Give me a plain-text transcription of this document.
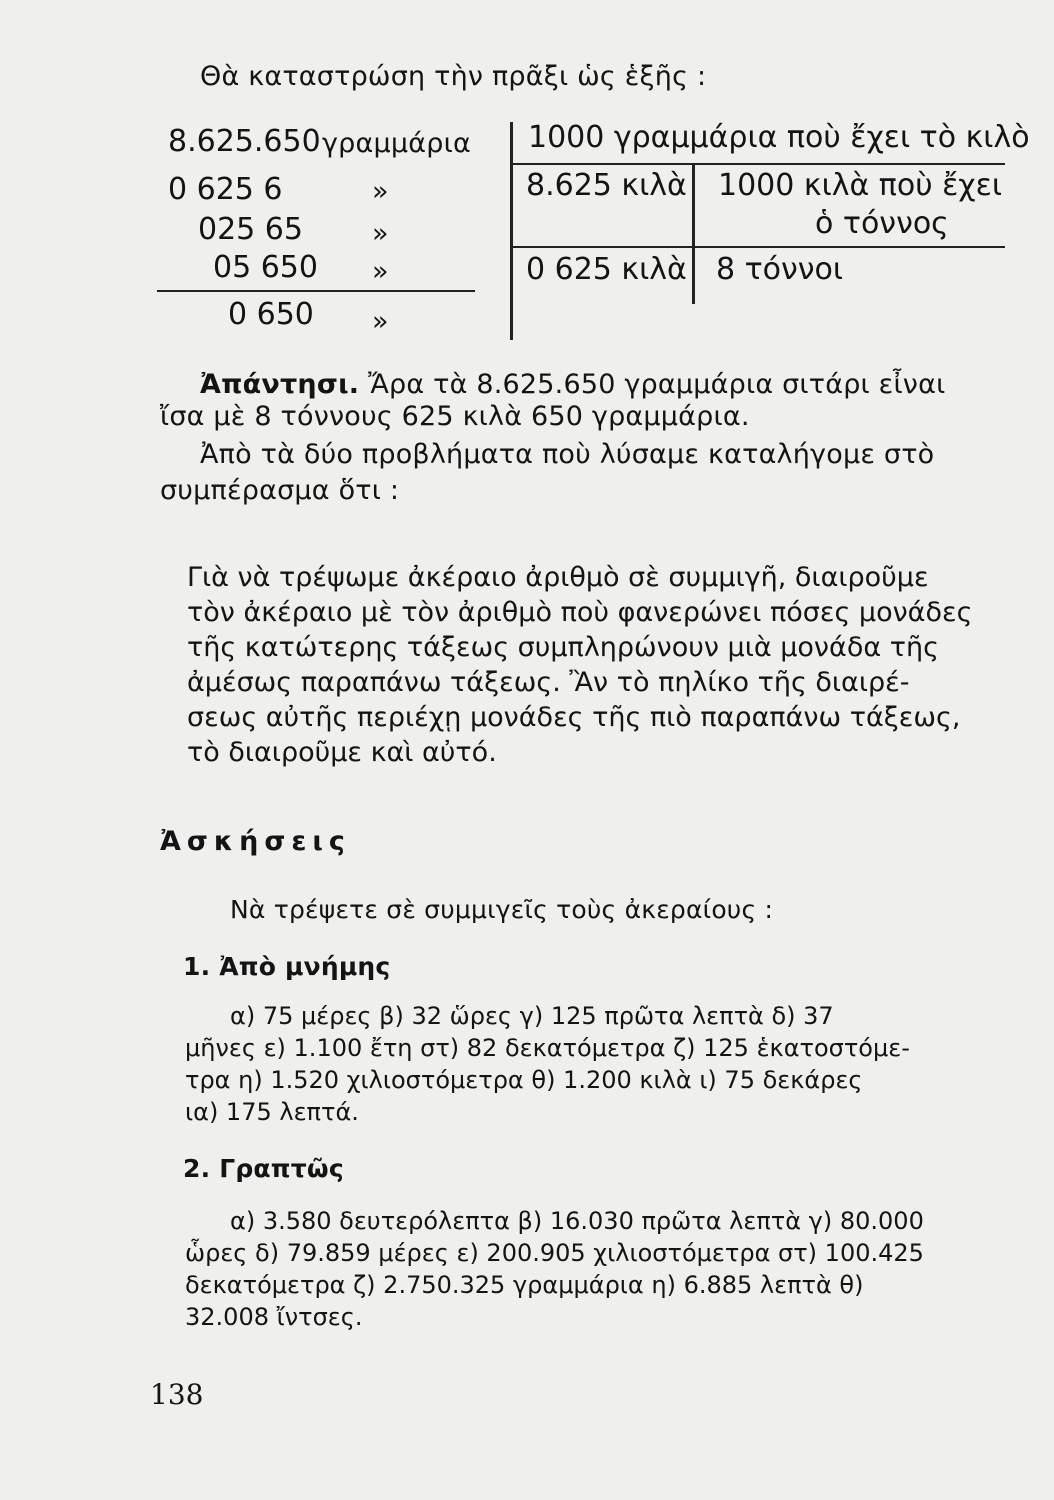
Θὰ καταστρώση τὴν πρᾶξι ὡς ἑξῆς :
8.625.650 γραμμάρια
0 625 6	»
025 65	»
05 650 »
0 650 »
1000 γραμμάρια ποὺ ἔχει τὸ κιλὸ
8.625 κιλὰ 1000 κιλὰ ποὺ ἔχει
ὁ τόννος
0 625 κιλὰ 8 τόννοι
Ἀπάντησι. Ἄρα τὰ 8.625.650 γραμμάρια σιτάρι εἶναι
ἴσα μὲ 8 τόννους 625 κιλὰ 650 γραμμάρια.
Ἀπὸ τὰ δύο προβλήματα ποὺ λύσαμε καταλήγομε στὸ
συμπέρασμα ὅτι :

Γιὰ νὰ τρέψωμε ἀκέραιο ἀριθμὸ σὲ συμμιγῆ, διαιροῦμε

τὸν ἀκέραιο μὲ τὸν ἀριθμὸ ποὺ φανερώνει πόσες μονάδες

τῆς κατώτερης τάξεως συμπληρώνουν μιὰ μονάδα τῆς

ἀμέσως παραπάνω τάξεως. Ἂν τὸ πηλίκο τῆς διαιρέ-

σεως αὐτῆς περιέχῃ μονάδες τῆς πιὸ παραπάνω τάξεως,

τὸ διαιροῦμε καὶ αὐτό.

Ἀσκήσεις
Νὰ τρέψετε σὲ συμμιγεῖς τοὺς ἀκεραίους :
1. Ἀπὸ μνήμης
α) 75 μέρες β) 32 ὥρες γ) 125 πρῶτα λεπτὰ δ) 37
μῆνες ε) 1.100 ἔτη στ) 82 δεκατόμετρα ζ) 125 ἑκατοστόμε-
τρα η) 1.520 χιλιοστόμετρα θ) 1.200 κιλὰ ι) 75 δεκάρες
ια) 175 λεπτά.
2. Γραπτῶς
α) 3.580 δευτερόλεπτα β) 16.030 πρῶτα λεπτὰ γ) 80.000
ὧρες δ) 79.859 μέρες ε) 200.905 χιλιοστόμετρα στ) 100.425
δεκατόμετρα ζ) 2.750.325 γραμμάρια η) 6.885 λεπτὰ θ)
32.008 ἴντσες.
138
